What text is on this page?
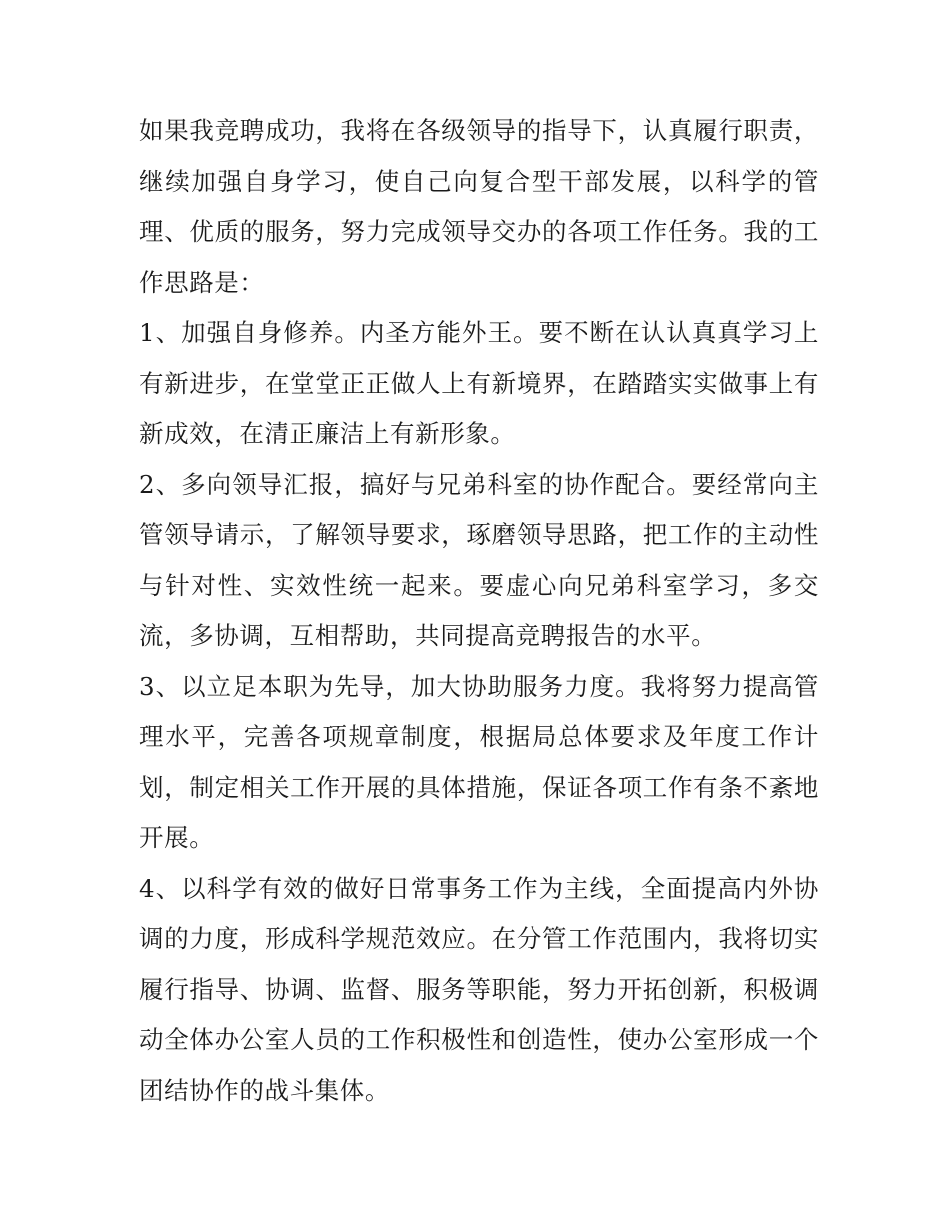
如果我竞聘成功，我将在各级领导的指导下，认真履行职责，继续加强自身学习，使自己向复合型干部发展，以科学的管理、优质的服务，努力完成领导交办的各项工作任务。我的工作思路是：

1、加强自身修养。内圣方能外王。要不断在认认真真学习上有新进步，在堂堂正正做人上有新境界，在踏踏实实做事上有新成效，在清正廉洁上有新形象。

2、多向领导汇报，搞好与兄弟科室的协作配合。要经常向主管领导请示，了解领导要求，琢磨领导思路，把工作的主动性与针对性、实效性统一起来。要虚心向兄弟科室学习，多交流，多协调，互相帮助，共同提高竞聘报告的水平。

3、以立足本职为先导，加大协助服务力度。我将努力提高管理水平，完善各项规章制度，根据局总体要求及年度工作计划，制定相关工作开展的具体措施，保证各项工作有条不紊地开展。

4、以科学有效的做好日常事务工作为主线，全面提高内外协调的力度，形成科学规范效应。在分管工作范围内，我将切实履行指导、协调、监督、服务等职能，努力开拓创新，积极调动全体办公室人员的工作积极性和创造性，使办公室形成一个团结协作的战斗集体。
